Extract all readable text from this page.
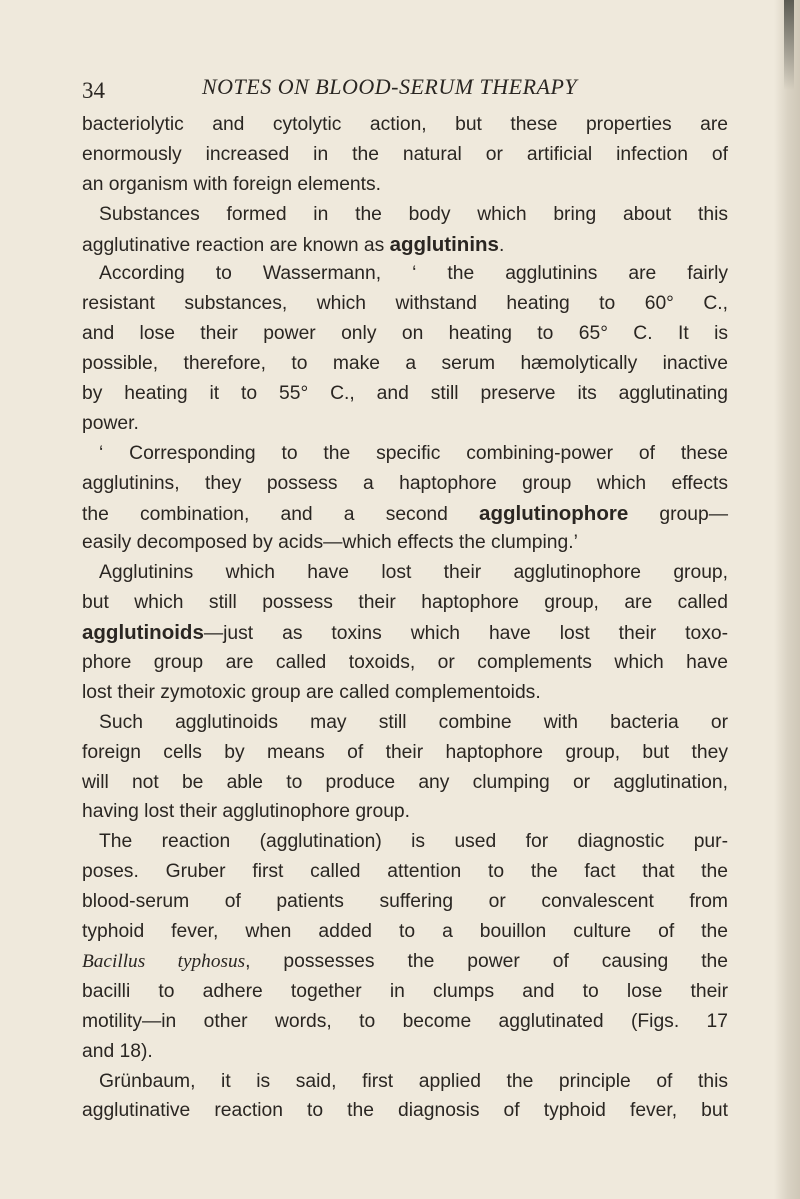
34	NOTES ON BLOOD-SERUM THERAPY
bacteriolytic and cytolytic action, but these properties are
enormously increased in the natural or artificial infection of
an organism with foreign elements.
Substances formed in the body which bring about this
agglutinative reaction are known as agglutinins.
According to Wassermann, ‘ the agglutinins are fairly
resistant substances, which withstand heating to 60° C.,
and lose their power only on heating to 65° C. It is
possible, therefore, to make a serum hæmolytically inactive
by heating it to 55° C., and still preserve its agglutinating
power.
‘ Corresponding to the specific combining-power of these
agglutinins, they possess a haptophore group which effects
the combination, and a second agglutinophore group—
easily decomposed by acids—which effects the clumping.’
Agglutinins which have lost their agglutinophore group,
but which still possess their haptophore group, are called
agglutinoids—just as toxins which have lost their toxo-
phore group are called toxoids, or complements which have
lost their zymotoxic group are called complementoids.
Such agglutinoids may still combine with bacteria or
foreign cells by means of their haptophore group, but they
will not be able to produce any clumping or agglutination,
having lost their agglutinophore group.
The reaction (agglutination) is used for diagnostic pur-
poses. Gruber first called attention to the fact that the
blood-serum of patients suffering or convalescent from
typhoid fever, when added to a bouillon culture of the
Bacillus typhosus, possesses the power of causing the
bacilli to adhere together in clumps and to lose their
motility—in other words, to become agglutinated (Figs. 17
and 18).
Grünbaum, it is said, first applied the principle of this
agglutinative reaction to the diagnosis of typhoid fever, but
